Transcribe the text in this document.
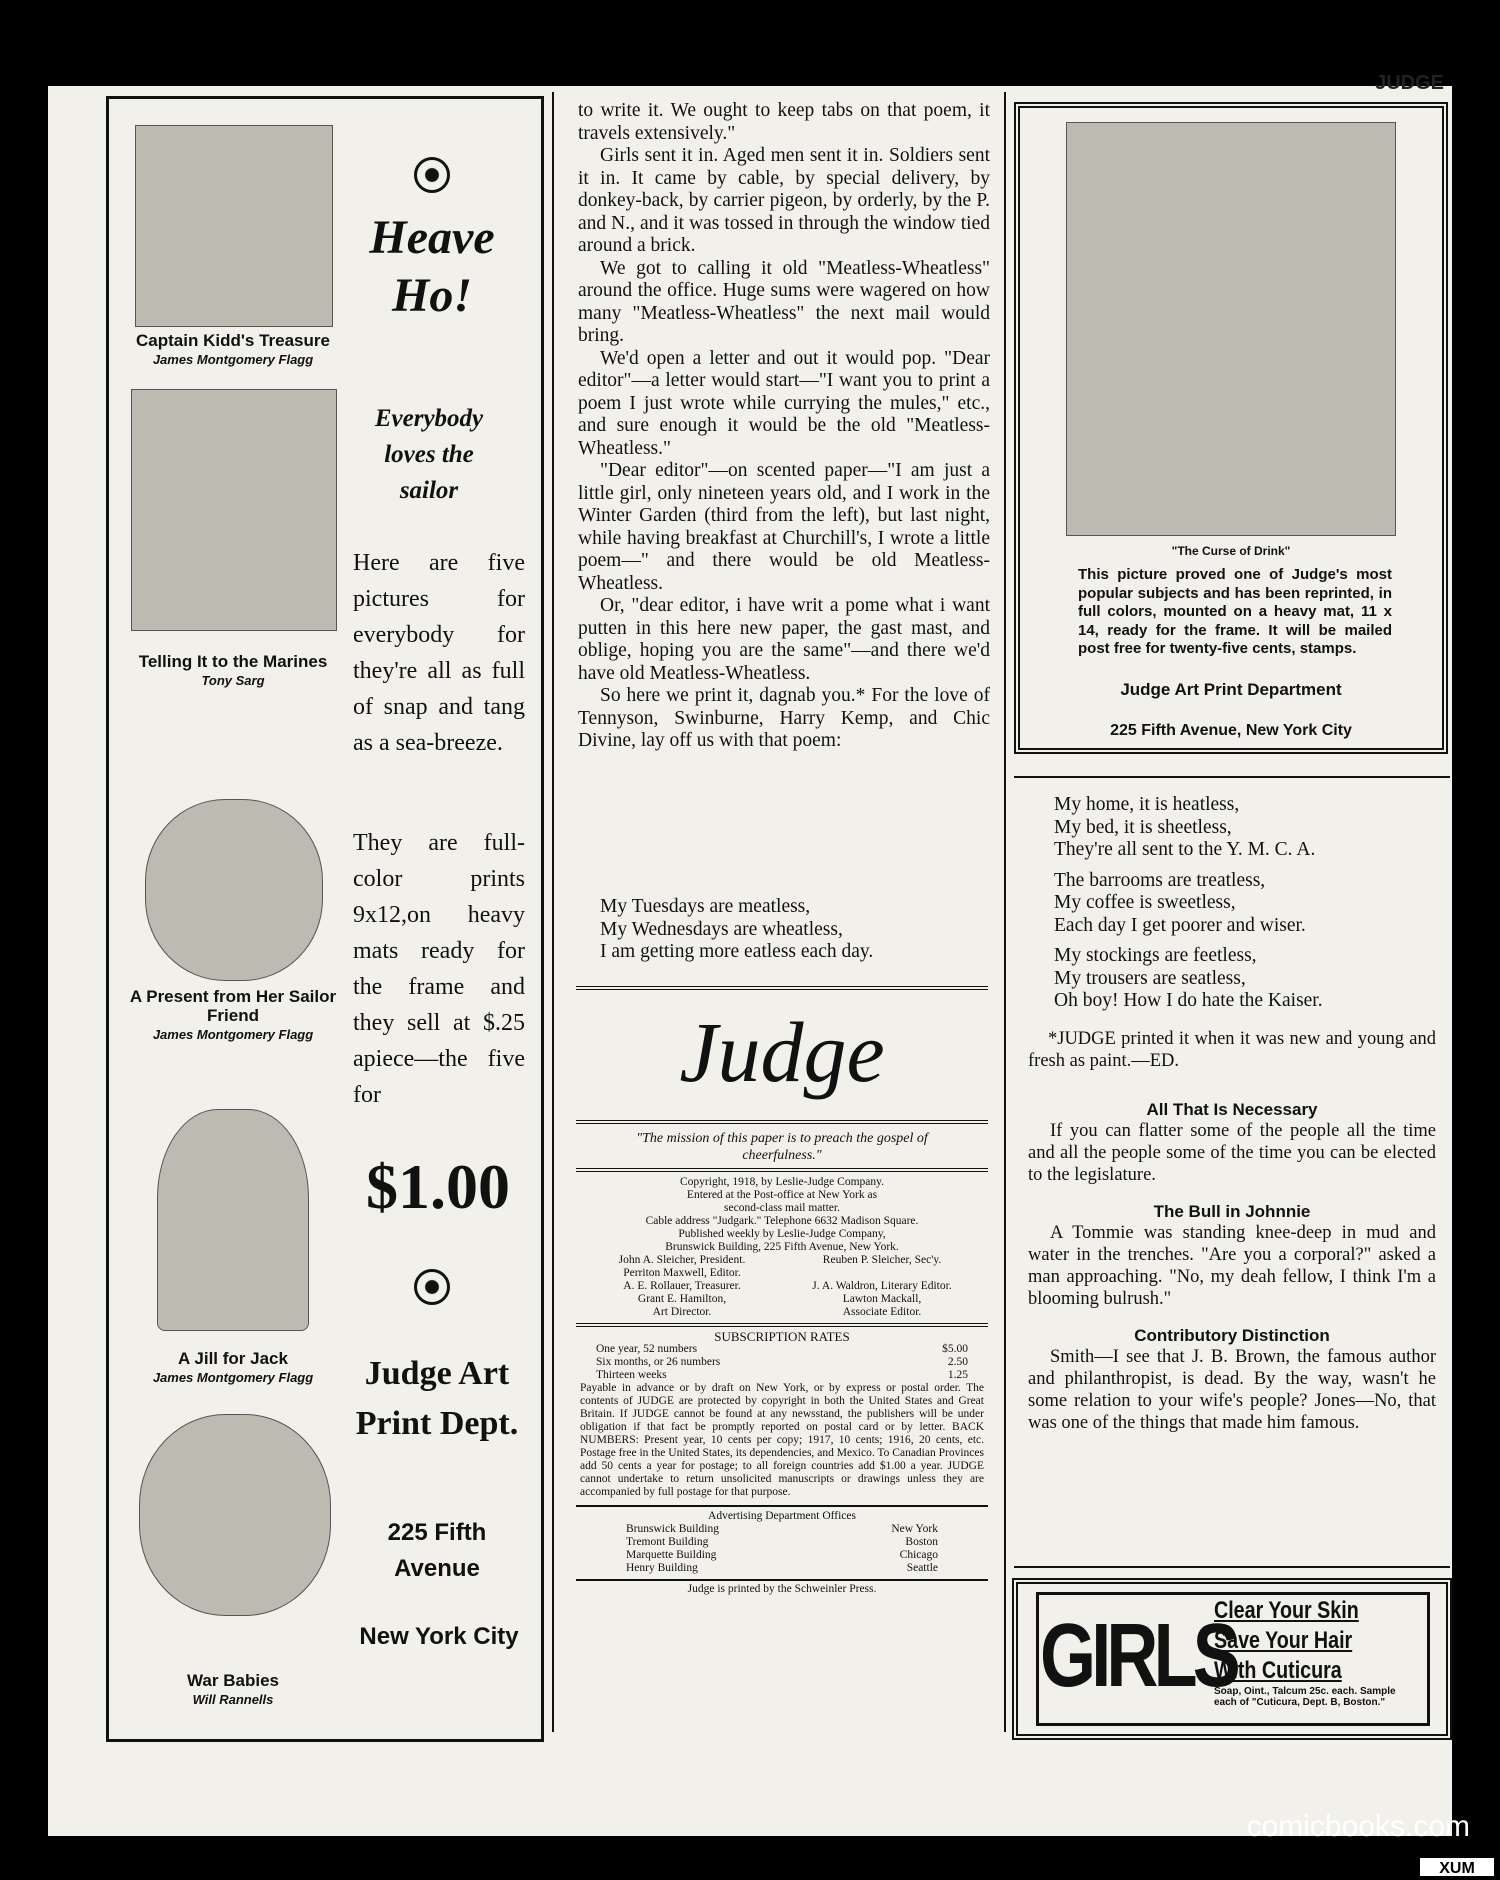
JUDGE
Captain Kidd's Treasure
James Montgomery Flagg
Telling It to the Marines
Tony Sarg
A Present from Her Sailor Friend
James Montgomery Flagg
A Jill for Jack
James Montgomery Flagg
War Babies
Will Rannells
Heave Ho!
Everybody loves the sailor
Here are five pictures for everybody for they're all as full of snap and tang as a sea-breeze.
They are full-color prints 9x12,on heavy mats ready for the frame and they sell at $.25 apiece—the five for
$1.00
Judge Art Print Dept.
225 Fifth Avenue
New York City

to write it. We ought to keep tabs on that poem, it travels extensively."

Girls sent it in. Aged men sent it in. Soldiers sent it in. It came by cable, by special delivery, by donkey-back, by carrier pigeon, by orderly, by the P. and N., and it was tossed in through the window tied around a brick.

We got to calling it old "Meatless-Wheatless" around the office. Huge sums were wagered on how many "Meatless-Wheatless" the next mail would bring.

We'd open a letter and out it would pop. "Dear editor"—a letter would start—"I want you to print a poem I just wrote while currying the mules," etc., and sure enough it would be the old "Meatless-Wheatless."

"Dear editor"—on scented paper—"I am just a little girl, only nineteen years old, and I work in the Winter Garden (third from the left), but last night, while having breakfast at Churchill's, I wrote a little poem—" and there would be old Meatless-Wheatless.

Or, "dear editor, i have writ a pome what i want putten in this here new paper, the gast mast, and oblige, hoping you are the same"—and there we'd have old Meatless-Wheatless.

So here we print it, dagnab you.* For the love of Tennyson, Swinburne, Harry Kemp, and Chic Divine, lay off us with that poem:

My Tuesdays are meatless,
My Wednesdays are wheatless,
I am getting more eatless each day.
Judge
"The mission of this paper is to preach the gospel of cheerfulness."
Copyright, 1918, by Leslie-Judge Company.
Entered at the Post-office at New York as
second-class mail matter.
Cable address "Judgark." Telephone 6632 Madison Square.
Published weekly by Leslie-Judge Company,
Brunswick Building, 225 Fifth Avenue, New York.
John A. Sleicher, President.	Reuben P. Sleicher, Sec'y.
Perriton Maxwell, Editor.
A. E. Rollauer, Treasurer.	J. A. Waldron, Literary Editor.
Grant E. Hamilton,	Lawton Mackall,
Art Director.	Associate Editor.
SUBSCRIPTION RATES
One year, 52 numbers	$5.00
Six months, or 26 numbers	2.50
Thirteen weeks	1.25
Payable in advance or by draft on New York, or by express or postal order. The contents of JUDGE are protected by copyright in both the United States and Great Britain. If JUDGE cannot be found at any newsstand, the publishers will be under obligation if that fact be promptly reported on postal card or by letter. BACK NUMBERS: Present year, 10 cents per copy; 1917, 10 cents; 1916, 20 cents, etc. Postage free in the United States, its dependencies, and Mexico. To Canadian Provinces add 50 cents a year for postage; to all foreign countries add $1.00 a year. JUDGE cannot undertake to return unsolicited manuscripts or drawings unless they are accompanied by full postage for that purpose.
Advertising Department Offices
Brunswick Building	New York
Tremont Building	Boston
Marquette Building	Chicago
Henry Building	Seattle
Judge is printed by the Schweinler Press.
"The Curse of Drink"
This picture proved one of Judge's most popular subjects and has been reprinted, in full colors, mounted on a heavy mat, 11 x 14, ready for the frame. It will be mailed post free for twenty-five cents, stamps.
Judge Art Print Department
225 Fifth Avenue, New York City
My home, it is heatless,
My bed, it is sheetless,
They're all sent to the Y. M. C. A.
The barrooms are treatless,
My coffee is sweetless,
Each day I get poorer and wiser.
My stockings are feetless,
My trousers are seatless,
Oh boy! How I do hate the Kaiser.
*JUDGE printed it when it was new and young and fresh as paint.—ED.
All That Is Necessary
If you can flatter some of the people all the time and all the people some of the time you can be elected to the legislature.
The Bull in Johnnie
A Tommie was standing knee-deep in mud and water in the trenches. "Are you a corporal?" asked a man approaching. "No, my deah fellow, I think I'm a blooming bulrush."
Contributory Distinction
Smith—I see that J. B. Brown, the famous author and philanthropist, is dead. By the way, wasn't he some relation to your wife's people? Jones—No, that was one of the things that made him famous.
GIRLS
Clear Your Skin
Save Your Hair
With Cuticura
Soap, Oint., Talcum 25c. each. Sample each of "Cuticura, Dept. B, Boston."
comicbooks.com
XUM
